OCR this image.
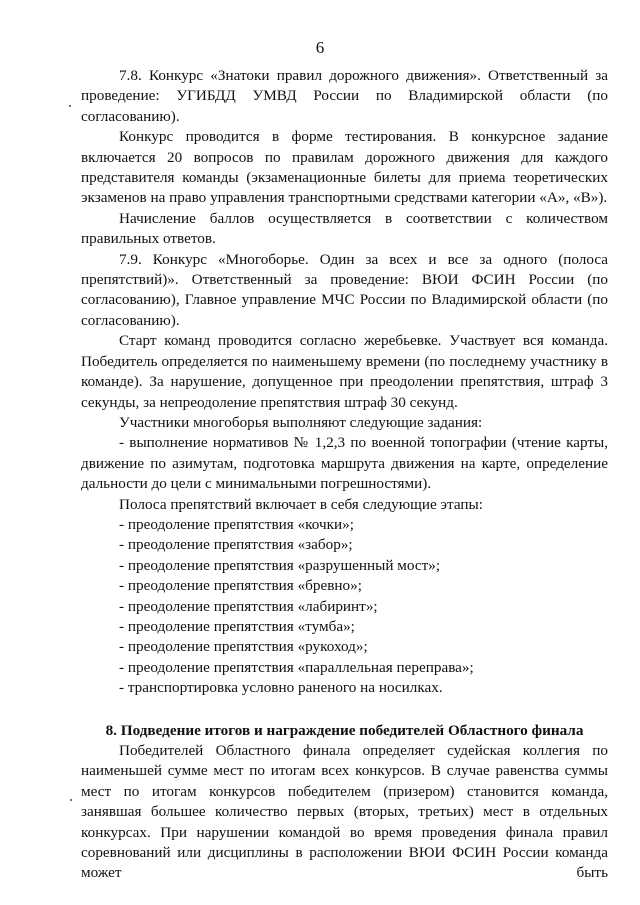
6

7.8. Конкурс «Знатоки правил дорожного движения». Ответственный за проведение: УГИБДД УМВД России по Владимирской области (по согласованию).

Конкурс проводится в форме тестирования. В конкурсное задание включается 20 вопросов по правилам дорожного движения для каждого представителя команды (экзаменационные билеты для приема теоретических экзаменов на право управления транспортными средствами категории «А», «В»).

Начисление баллов осуществляется в соответствии с количеством правильных ответов.

7.9. Конкурс «Многоборье. Один за всех и все за одного (полоса препятствий)». Ответственный за проведение: ВЮИ ФСИН России (по согласованию), Главное управление МЧС России по Владимирской области (по согласованию).

Старт команд проводится согласно жеребьевке. Участвует вся команда. Победитель определяется по наименьшему времени (по последнему участнику в команде). За нарушение, допущенное при преодолении препятствия, штраф 3 секунды, за непреодоление препятствия штраф 30 секунд.

Участники многоборья выполняют следующие задания:

- выполнение нормативов № 1,2,3 по военной топографии (чтение карты, движение по азимутам, подготовка маршрута движения на карте, определение дальности до цели с минимальными погрешностями).

Полоса препятствий включает в себя следующие этапы:

- преодоление препятствия «кочки»;

- преодоление препятствия «забор»;

- преодоление препятствия «разрушенный мост»;

- преодоление препятствия «бревно»;

- преодоление препятствия «лабиринт»;

- преодоление препятствия «тумба»;

- преодоление препятствия «рукоход»;

- преодоление препятствия «параллельная переправа»;

- транспортировка условно раненого на носилках.

8. Подведение итогов и награждение победителей Областного финала

Победителей Областного финала определяет судейская коллегия по наименьшей сумме мест по итогам всех конкурсов. В случае равенства суммы мест по итогам конкурсов победителем (призером) становится команда, занявшая большее количество первых (вторых, третьих) мест в отдельных конкурсах. При нарушении командой во время проведения финала правил соревнований или дисциплины в расположении ВЮИ ФСИН России команда может быть
